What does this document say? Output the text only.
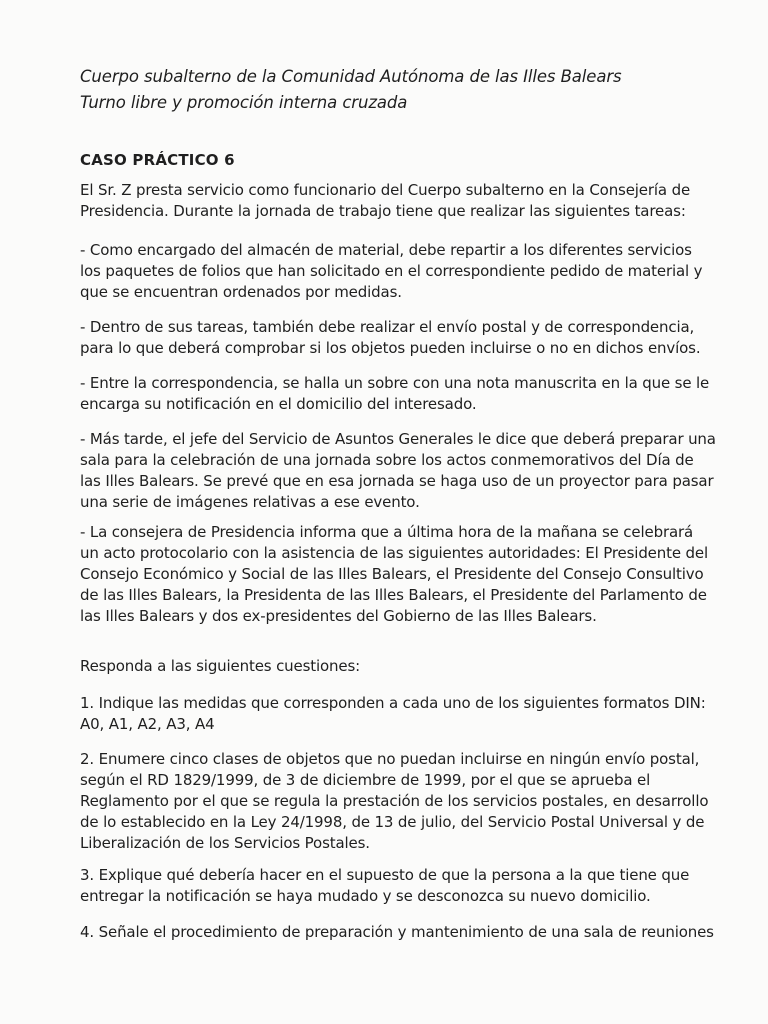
Cuerpo subalterno de la Comunidad Autónoma de las Illes Balears
Turno libre y promoción interna cruzada
CASO PRÁCTICO 6
El Sr. Z presta servicio como funcionario del Cuerpo subalterno en la Consejería de
Presidencia. Durante la jornada de trabajo tiene que realizar las siguientes tareas:
- Como encargado del almacén de material, debe repartir a los diferentes servicios
los paquetes de folios que han solicitado en el correspondiente pedido de material y
que se encuentran ordenados por medidas.
- Dentro de sus tareas, también debe realizar el envío postal y de correspondencia,
para lo que deberá comprobar si los objetos pueden incluirse o no en dichos envíos.
- Entre la correspondencia, se halla un sobre con una nota manuscrita en la que se le
encarga su notificación en el domicilio del interesado.
- Más tarde, el jefe del Servicio de Asuntos Generales le dice que deberá preparar una
sala para la celebración de una jornada sobre los actos conmemorativos del Día de
las Illes Balears. Se prevé que en esa jornada se haga uso de un proyector para pasar
una serie de imágenes relativas a ese evento.
- La consejera de Presidencia informa que a última hora de la mañana se celebrará
un acto protocolario con la asistencia de las siguientes autoridades: El Presidente del
Consejo Económico y Social de las Illes Balears, el Presidente del Consejo Consultivo
de las Illes Balears, la Presidenta de las Illes Balears, el Presidente del Parlamento de
las Illes Balears y dos ex-presidentes del Gobierno de las Illes Balears.
Responda a las siguientes cuestiones:
1. Indique las medidas que corresponden a cada uno de los siguientes formatos DIN:
A0, A1, A2, A3, A4
2. Enumere cinco clases de objetos que no puedan incluirse en ningún envío postal,
según el RD 1829/1999, de 3 de diciembre de 1999, por el que se aprueba el
Reglamento por el que se regula la prestación de los servicios postales, en desarrollo
de lo establecido en la Ley 24/1998, de 13 de julio, del Servicio Postal Universal y de
Liberalización de los Servicios Postales.
3. Explique qué debería hacer en el supuesto de que la persona a la que tiene que
entregar la notificación se haya mudado y se desconozca su nuevo domicilio.
4. Señale el procedimiento de preparación y mantenimiento de una sala de reuniones
